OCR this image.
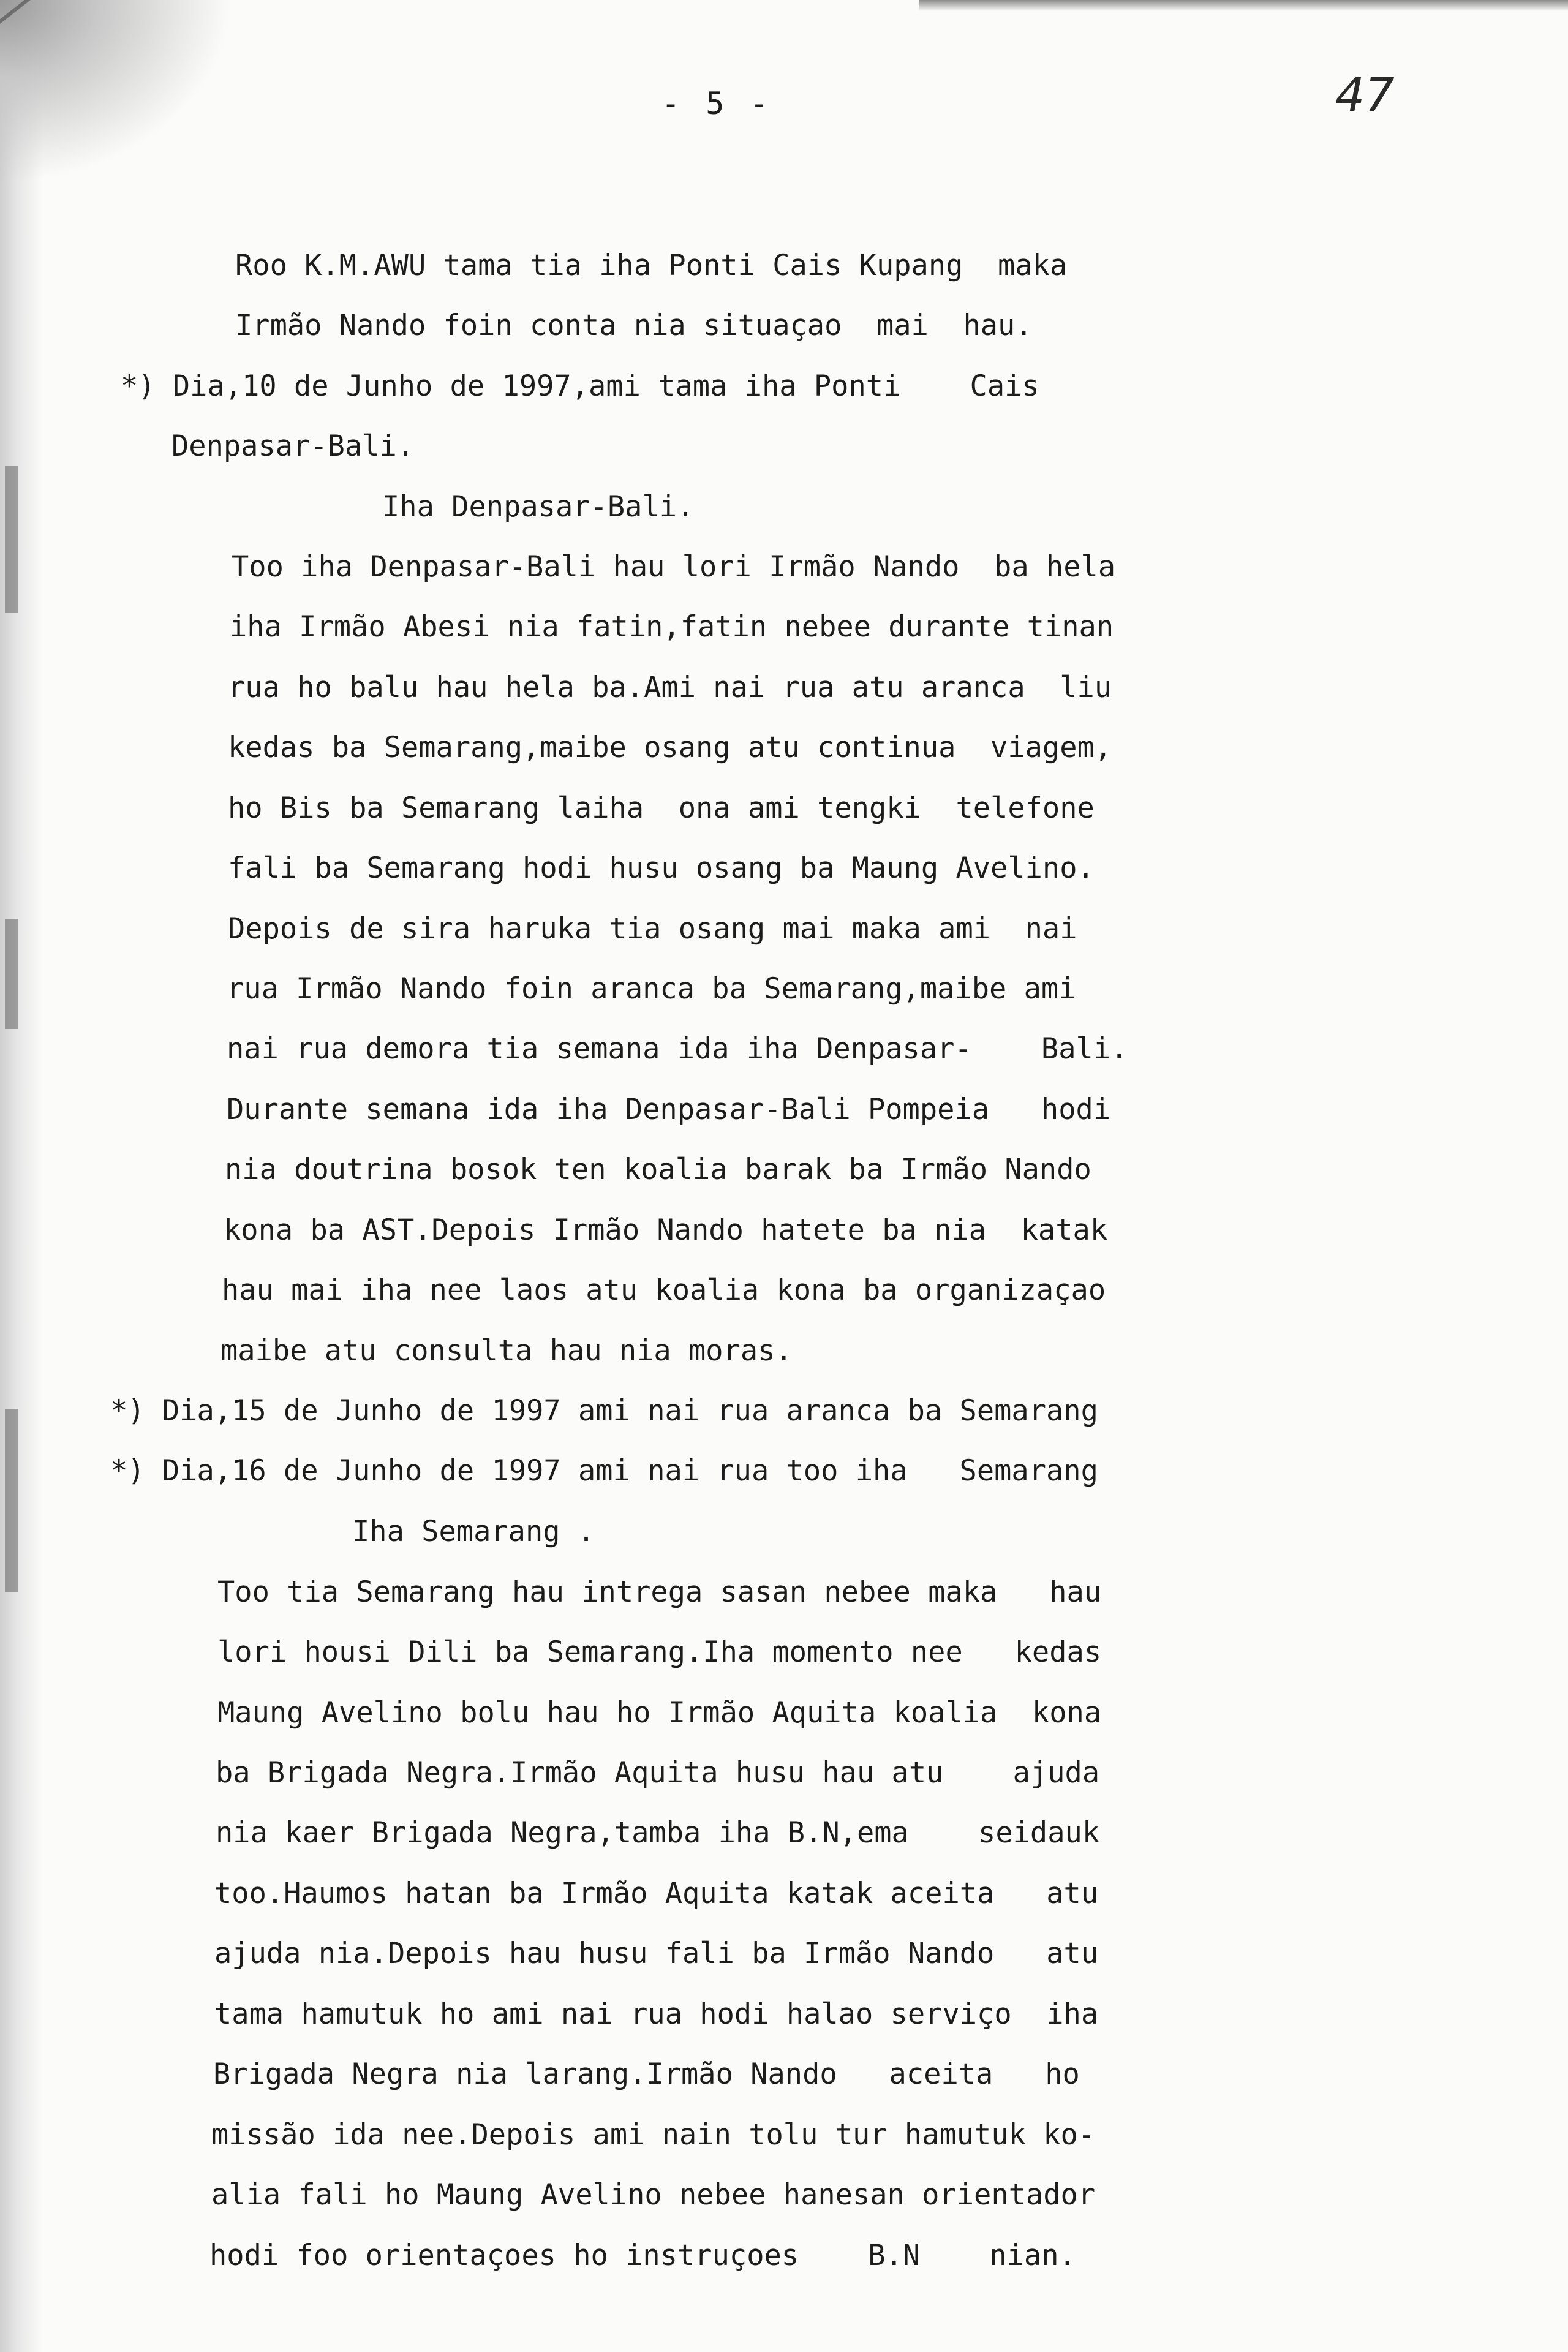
- 5 -	47
Roo K.M.AWU tama tia iha Ponti Cais Kupang  maka
Irmão Nando foin conta nia situaçao  mai  hau.
*) Dia,10 de Junho de 1997,ami tama iha Ponti    Cais
Denpasar-Bali.
Iha Denpasar-Bali.
Too iha Denpasar-Bali hau lori Irmão Nando  ba hela
iha Irmão Abesi nia fatin,fatin nebee durante tinan
rua ho balu hau hela ba.Ami nai rua atu aranca  liu
kedas ba Semarang,maibe osang atu continua  viagem,
ho Bis ba Semarang laiha  ona ami tengki  telefone
fali ba Semarang hodi husu osang ba Maung Avelino.
Depois de sira haruka tia osang mai maka ami  nai
rua Irmão Nando foin aranca ba Semarang,maibe ami
nai rua demora tia semana ida iha Denpasar-    Bali.
Durante semana ida iha Denpasar-Bali Pompeia   hodi
nia doutrina bosok ten koalia barak ba Irmão Nando
kona ba AST.Depois Irmão Nando hatete ba nia  katak
hau mai iha nee laos atu koalia kona ba organizaçao
maibe atu consulta hau nia moras.
*) Dia,15 de Junho de 1997 ami nai rua aranca ba Semarang
*) Dia,16 de Junho de 1997 ami nai rua too iha   Semarang
Iha Semarang .
Too tia Semarang hau intrega sasan nebee maka   hau
lori housi Dili ba Semarang.Iha momento nee   kedas
Maung Avelino bolu hau ho Irmão Aquita koalia  kona
ba Brigada Negra.Irmão Aquita husu hau atu    ajuda
nia kaer Brigada Negra,tamba iha B.N,ema    seidauk
too.Haumos hatan ba Irmão Aquita katak aceita   atu
ajuda nia.Depois hau husu fali ba Irmão Nando   atu
tama hamutuk ho ami nai rua hodi halao serviço  iha
Brigada Negra nia larang.Irmão Nando   aceita   ho
missão ida nee.Depois ami nain tolu tur hamutuk ko-
alia fali ho Maung Avelino nebee hanesan orientador
hodi foo orientaçoes ho instruçoes    B.N    nian.
